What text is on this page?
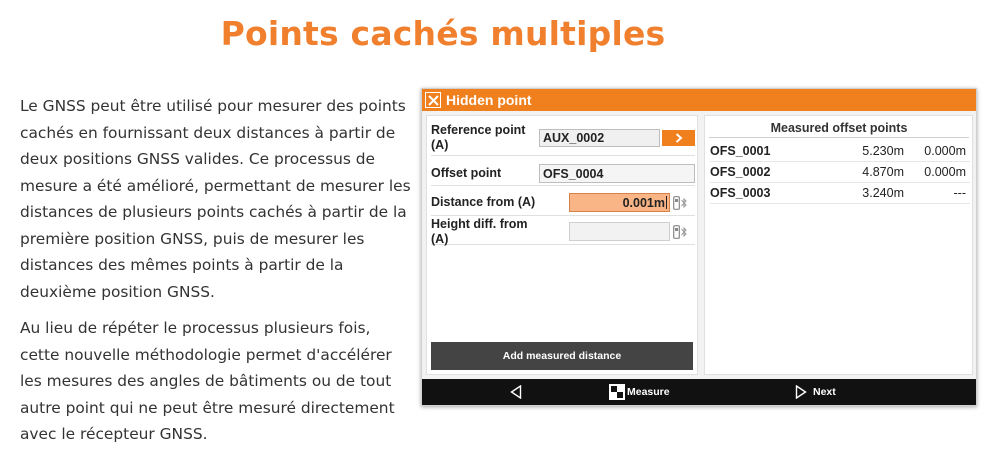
Points cachés multiples

Le GNSS peut être utilisé pour mesurer des points cachés en fournissant deux distances à partir de deux positions GNSS valides. Ce processus de mesure a été amélioré, permettant de mesurer les distances de plusieurs points cachés à partir de la première position GNSS, puis de mesurer les distances des mêmes points à partir de la deuxième position GNSS.

Au lieu de répéter le processus plusieurs fois, cette nouvelle méthodologie permet d'accélérer les mesures des angles de bâtiments ou de tout autre point qui ne peut être mesuré directement avec le récepteur GNSS.

Hidden point
Reference point (A)	AUX_0002
Offset point	OFS_0004
Distance from (A)	0.001m
Height diff. from (A)
Add measured distance
Measured offset points
OFS_0001	5.230m	0.000m
OFS_0002	4.870m	0.000m
OFS_0003	3.240m	---
Measure	Next
